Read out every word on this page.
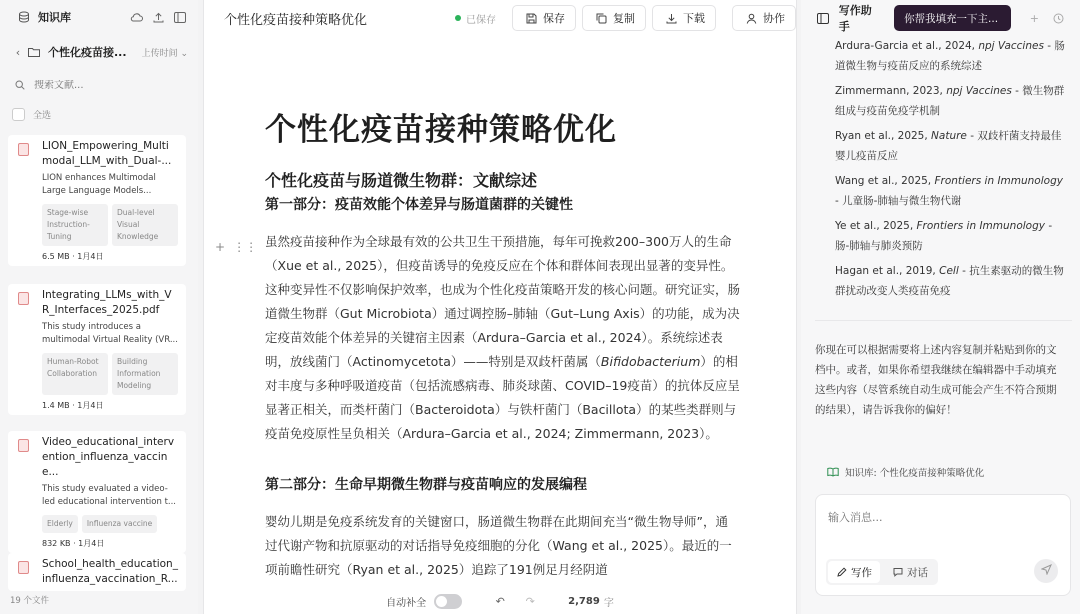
知识库
‹	个性化疫苗接...	上传时间 ⌄
搜索文献...
全选
LION_Empowering_Multimodal_LLM_with_Dual-...
LION enhances Multimodal Large Language Models...
Stage-wise Instruction-Tuning
Dual-level Visual Knowledge
6.5 MB · 1月4日
Integrating_LLMs_with_VR_Interfaces_2025.pdf
This study introduces a multimodal Virtual Reality (VR...
Human-Robot Collaboration
Building Information Modeling
1.4 MB · 1月4日
Video_educational_intervention_influenza_vaccine...
This study evaluated a video-led educational intervention t...
Elderly	Influenza vaccine
832 KB · 1月4日
School_health_education_influenza_vaccination_R...
19 个文件
个性化疫苗接种策略优化	已保存	保存	复制	下载	协作
+ ⋮⋮
个性化疫苗接种策略优化
个性化疫苗与肠道微生物群：文献综述
第一部分：疫苗效能个体差异与肠道菌群的关键性
虽然疫苗接种作为全球最有效的公共卫生干预措施，每年可挽救200–300万人的生命（Xue et al., 2025），但疫苗诱导的免疫反应在个体和群体间表现出显著的变异性。这种变异性不仅影响保护效率，也成为个性化疫苗策略开发的核心问题。研究证实，肠道微生物群（Gut Microbiota）通过调控肠–肺轴（Gut–Lung Axis）的功能，成为决定疫苗效能个体差异的关键宿主因素（Ardura–Garcia et al., 2024）。系统综述表明，放线菌门（Actinomycetota）——特别是双歧杆菌属（Bifidobacterium）的相对丰度与多种呼吸道疫苗（包括流感病毒、肺炎球菌、COVID–19疫苗）的抗体反应呈显著正相关，而类杆菌门（Bacteroidota）与铁杆菌门（Bacillota）的某些类群则与疫苗免疫原性呈负相关（Ardura–Garcia et al., 2024; Zimmermann, 2023）。
第二部分：生命早期微生物群与疫苗响应的发展编程
婴幼儿期是免疫系统发育的关键窗口，肠道微生物群在此期间充当“微生物导师”，通过代谢产物和抗原驱动的对话指导免疫细胞的分化（Wang et al., 2025）。最近的一项前瞻性研究（Ryan et al., 2025）追踪了191例足月经阴道
自动补全	↶	↷	2,789 字
写作助手
你帮我填充一下主...	+
Ardura-Garcia et al., 2024, npj Vaccines - 肠道微生物与疫苗反应的系统综述
Zimmermann, 2023, npj Vaccines - 微生物群组成与疫苗免疫学机制
Ryan et al., 2025, Nature - 双歧杆菌支持最佳婴儿疫苗反应
Wang et al., 2025, Frontiers in Immunology - 儿童肠-肺轴与微生物代谢
Ye et al., 2025, Frontiers in Immunology - 肠-肺轴与肺炎预防
Hagan et al., 2019, Cell - 抗生素驱动的微生物群扰动改变人类疫苗免疫
你现在可以根据需要将上述内容复制并粘贴到你的文档中。或者，如果你希望我继续在编辑器中手动填充这些内容（尽管系统自动生成可能会产生不符合预期的结果），请告诉我你的偏好！
知识库: 个性化疫苗接种策略优化
输入消息...
写作	对话
